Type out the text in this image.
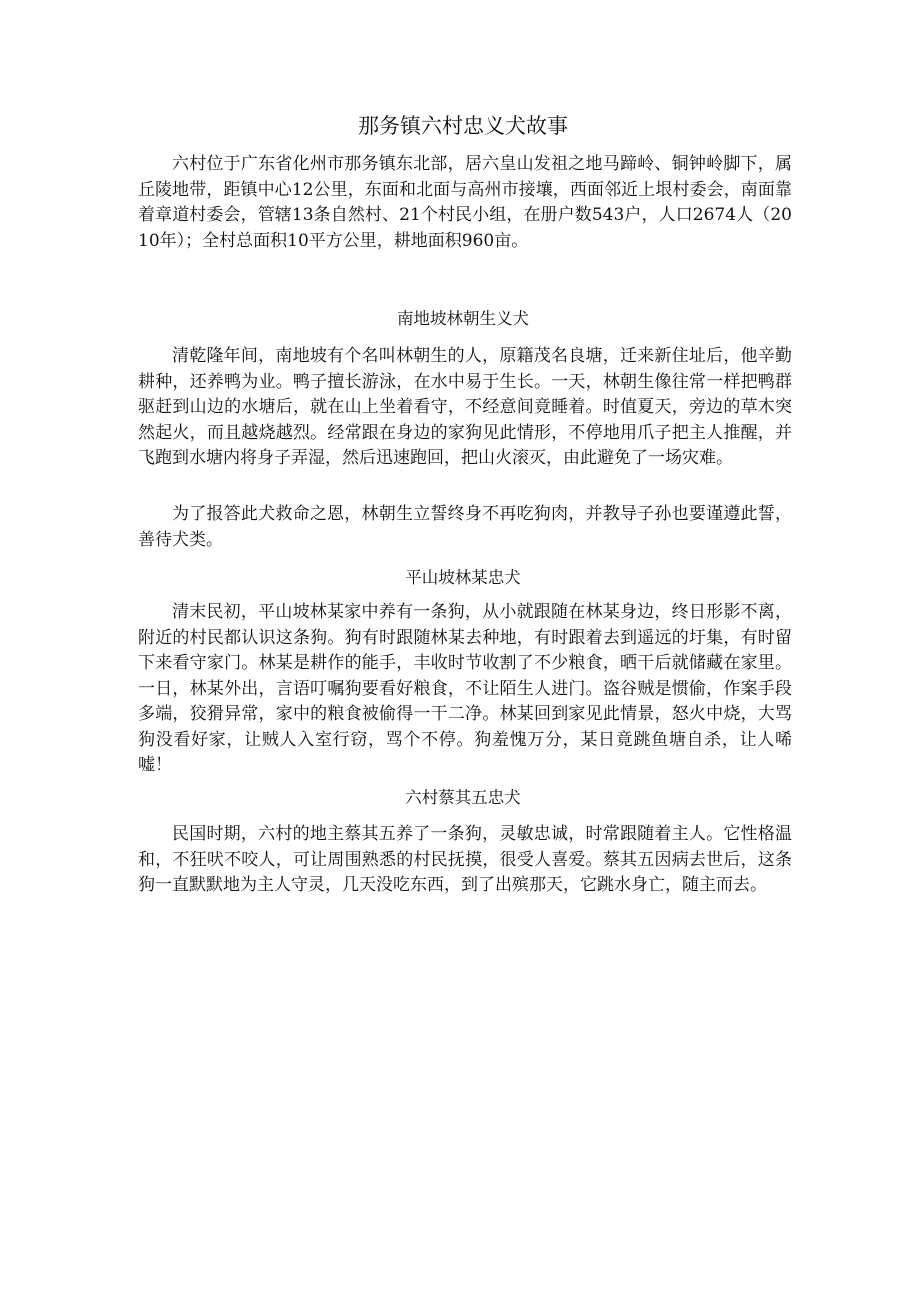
那务镇六村忠义犬故事

六村位于广东省化州市那务镇东北部，居六皇山发祖之地马蹄岭、铜钟岭脚下，属丘陵地带，距镇中心12公里，东面和北面与高州市接壤，西面邻近上垠村委会，南面靠着章道村委会，管辖13条自然村、21个村民小组，在册户数543户，人口2674人（2010年）；全村总面积10平方公里，耕地面积960亩。

南地坡林朝生义犬

清乾隆年间，南地坡有个名叫林朝生的人，原籍茂名良塘，迁来新住址后，他辛勤耕种，还养鸭为业。鸭子擅长游泳，在水中易于生长。一天，林朝生像往常一样把鸭群驱赶到山边的水塘后，就在山上坐着看守，不经意间竟睡着。时值夏天，旁边的草木突然起火，而且越烧越烈。经常跟在身边的家狗见此情形，不停地用爪子把主人推醒，并飞跑到水塘内将身子弄湿，然后迅速跑回，把山火滚灭，由此避免了一场灾难。

为了报答此犬救命之恩，林朝生立誓终身不再吃狗肉，并教导子孙也要谨遵此誓，善待犬类。

平山坡林某忠犬

清末民初，平山坡林某家中养有一条狗，从小就跟随在林某身边，终日形影不离，附近的村民都认识这条狗。狗有时跟随林某去种地，有时跟着去到遥远的圩集，有时留下来看守家门。林某是耕作的能手，丰收时节收割了不少粮食，晒干后就储藏在家里。一日，林某外出，言语叮嘱狗要看好粮食，不让陌生人进门。盗谷贼是惯偷，作案手段多端，狡猾异常，家中的粮食被偷得一干二净。林某回到家见此情景，怒火中烧，大骂狗没看好家，让贼人入室行窃，骂个不停。狗羞愧万分，某日竟跳鱼塘自杀，让人唏嘘！

六村蔡其五忠犬

民国时期，六村的地主蔡其五养了一条狗，灵敏忠诚，时常跟随着主人。它性格温和，不狂吠不咬人，可让周围熟悉的村民抚摸，很受人喜爱。蔡其五因病去世后，这条狗一直默默地为主人守灵，几天没吃东西，到了出殡那天，它跳水身亡，随主而去。
